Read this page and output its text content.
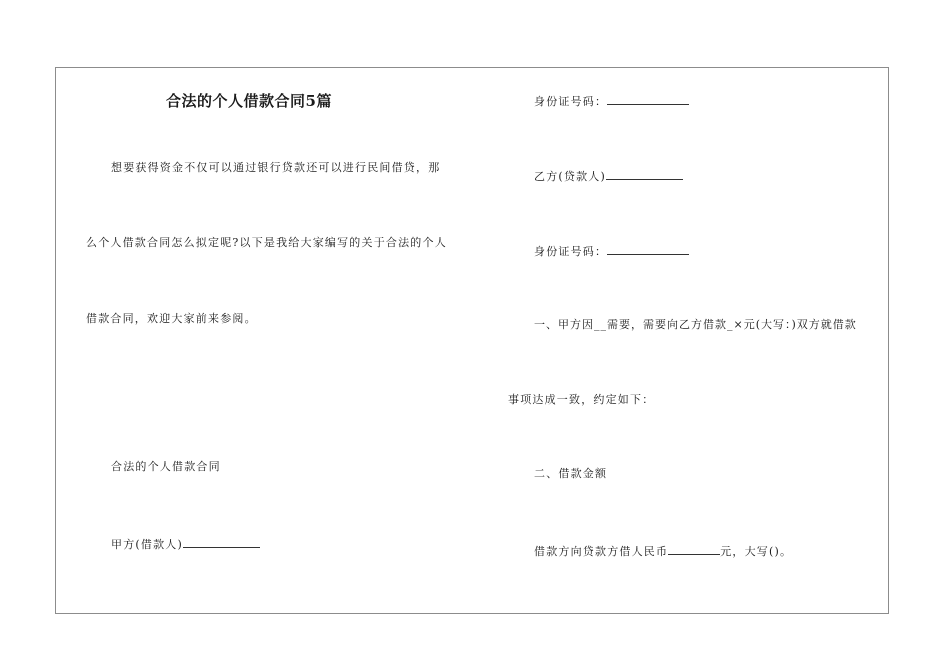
合法的个人借款合同5篇
想要获得资金不仅可以通过银行贷款还可以进行民间借贷，那
么个人借款合同怎么拟定呢?以下是我给大家编写的关于合法的个人
借款合同，欢迎大家前来参阅。
合法的个人借款合同
甲方(借款人)
身份证号码：
乙方(贷款人)
身份证号码：
一、甲方因__需要，需要向乙方借款_×元(大写：)双方就借款
事项达成一致，约定如下：
二、借款金额
借款方向贷款方借人民币	元，大写()。
